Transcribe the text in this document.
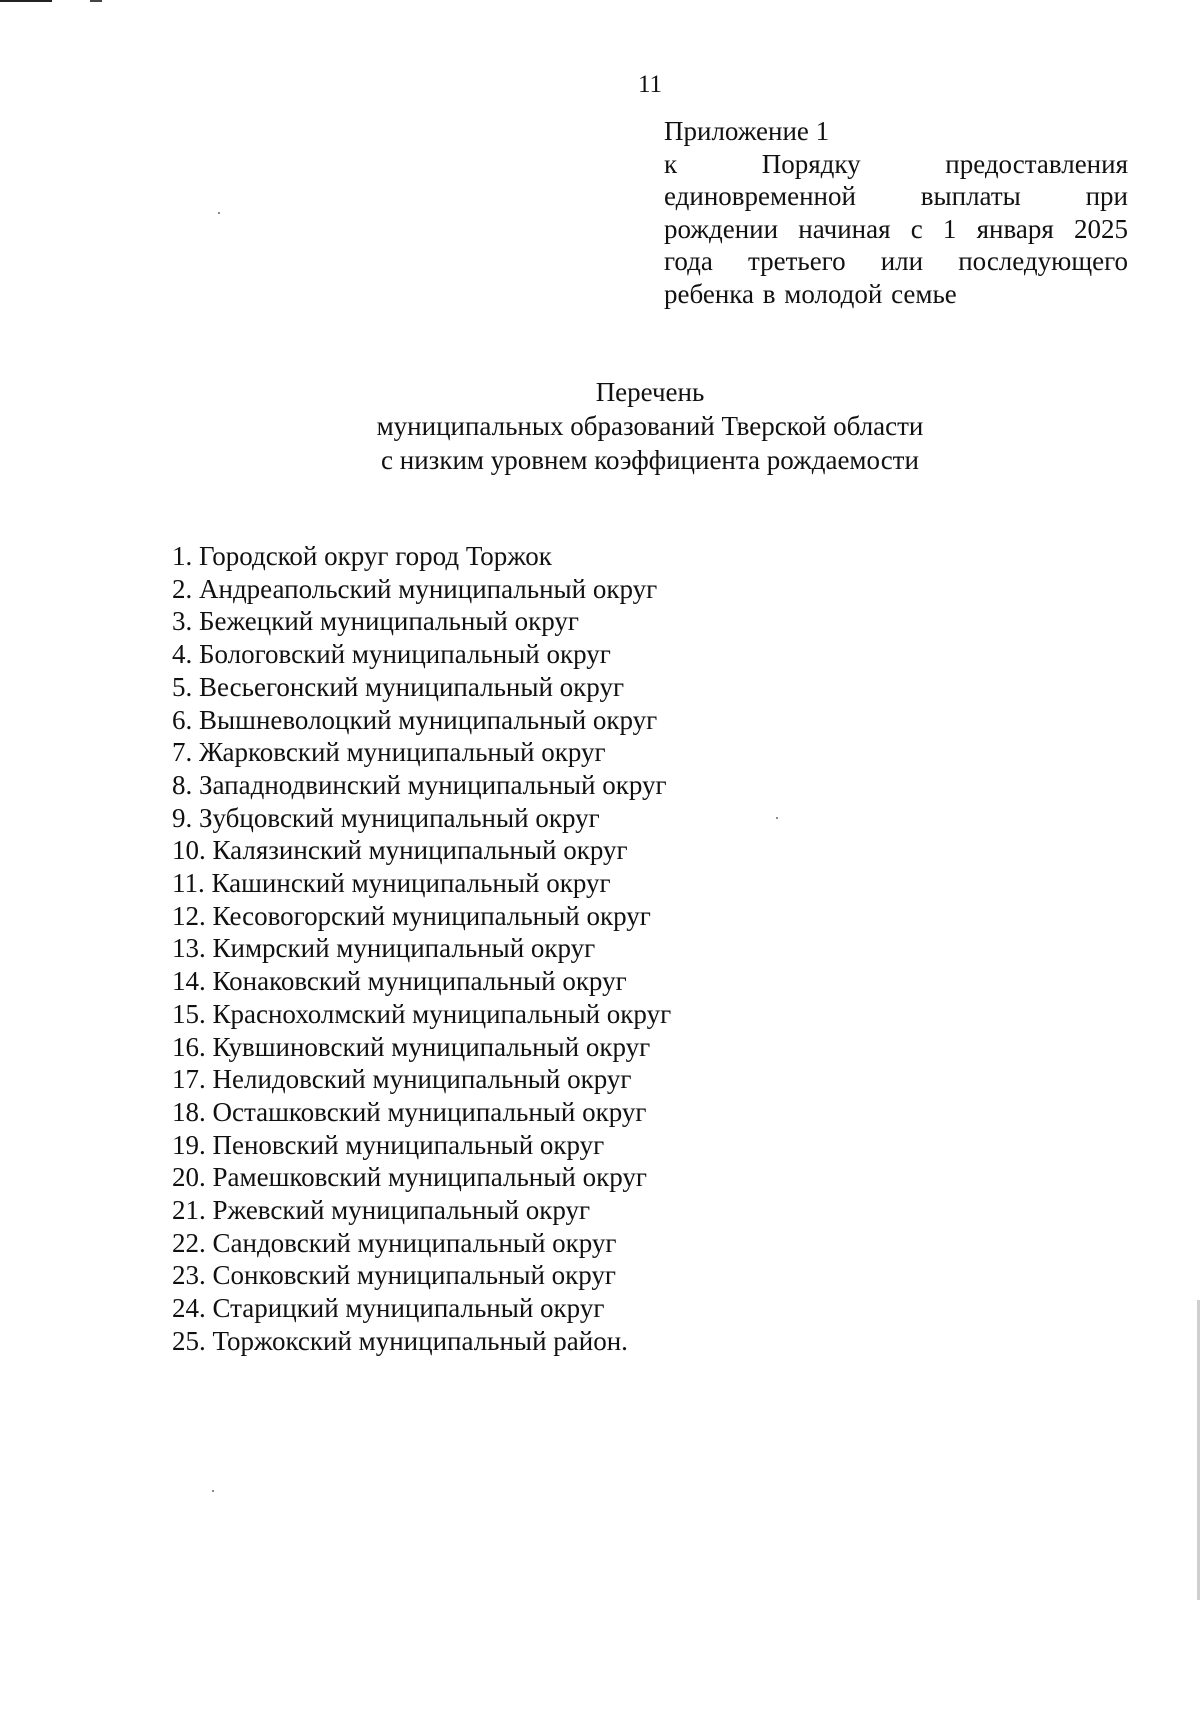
11
Приложение 1
к Порядку предоставления единовременной выплаты при рождении начиная с 1 января 2025 года третьего или последующего ребенка в молодой семье
Перечень
муниципальных образований Тверской области
с низким уровнем коэффициента рождаемости
1. Городской округ город Торжок
2. Андреапольский муниципальный округ
3. Бежецкий муниципальный округ
4. Бологовский муниципальный округ
5. Весьегонский муниципальный округ
6. Вышневолоцкий муниципальный округ
7. Жарковский муниципальный округ
8. Западнодвинский муниципальный округ
9. Зубцовский муниципальный округ
10. Калязинский муниципальный округ
11. Кашинский муниципальный округ
12. Кесовогорский муниципальный округ
13. Кимрский муниципальный округ
14. Конаковский муниципальный округ
15. Краснохолмский муниципальный округ
16. Кувшиновский муниципальный округ
17. Нелидовский муниципальный округ
18. Осташковский муниципальный округ
19. Пеновский муниципальный округ
20. Рамешковский муниципальный округ
21. Ржевский муниципальный округ
22. Сандовский муниципальный округ
23. Сонковский муниципальный округ
24. Старицкий муниципальный округ
25. Торжокский муниципальный район.
